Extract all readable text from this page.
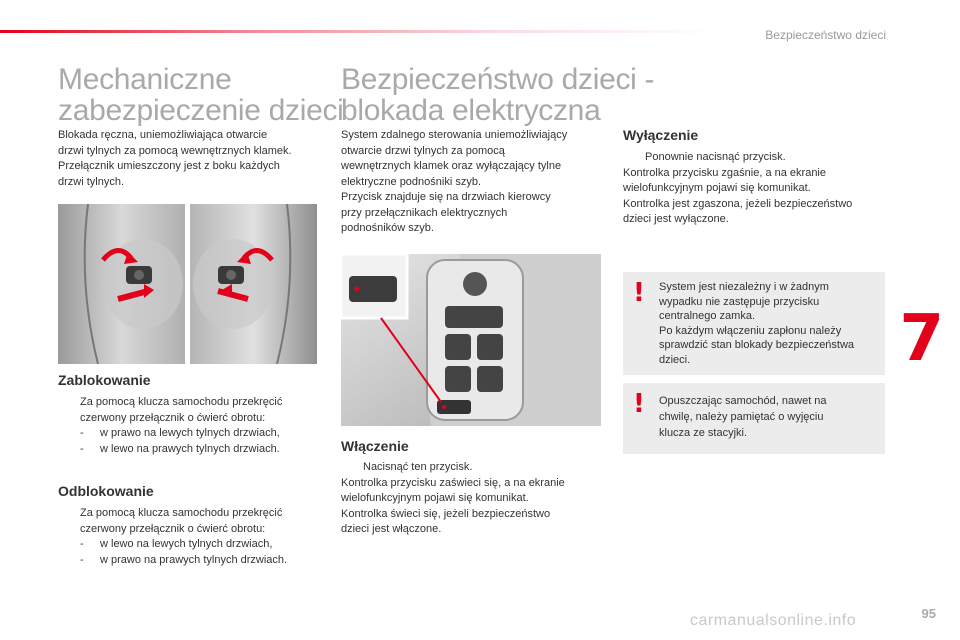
Bezpieczeństwo dzieci
Mechaniczne
zabezpieczenie dzieci
Blokada ręczna, uniemożliwiająca otwarcie
drzwi tylnych za pomocą wewnętrznych klamek.
Przełącznik umieszczony jest z boku każdych
drzwi tylnych.
Zablokowanie
Za pomocą klucza samochodu przekręcić
czerwony przełącznik o ćwierć obrotu:
- w prawo na lewych tylnych drzwiach,
- w lewo na prawych tylnych drzwiach.
Odblokowanie
Za pomocą klucza samochodu przekręcić
czerwony przełącznik o ćwierć obrotu:
- w lewo na lewych tylnych drzwiach,
- w prawo na prawych tylnych drzwiach.
Bezpieczeństwo dzieci -
blokada elektryczna
System zdalnego sterowania uniemożliwiający
otwarcie drzwi tylnych za pomocą
wewnętrznych klamek oraz wyłączający tylne
elektryczne podnośniki szyb.
Przycisk znajduje się na drzwiach kierowcy
przy przełącznikach elektrycznych
podnośników szyb.
Włączenie
Nacisnąć ten przycisk.
Kontrolka przycisku zaświeci się, a na ekranie
wielofunkcyjnym pojawi się komunikat.
Kontrolka świeci się, jeżeli bezpieczeństwo
dzieci jest włączone.
Wyłączenie
Ponownie nacisnąć przycisk.
Kontrolka przycisku zgaśnie, a na ekranie
wielofunkcyjnym pojawi się komunikat.
Kontrolka jest zgaszona, jeżeli bezpieczeństwo
dzieci jest wyłączone.
! System jest niezależny i w żadnym
wypadku nie zastępuje przycisku
centralnego zamka.
Po każdym włączeniu zapłonu należy
sprawdzić stan blokady bezpieczeństwa
dzieci.
! Opuszczając samochód, nawet na
chwilę, należy pamiętać o wyjęciu
klucza ze stacyjki.
7
95
carmanualsonline.info
